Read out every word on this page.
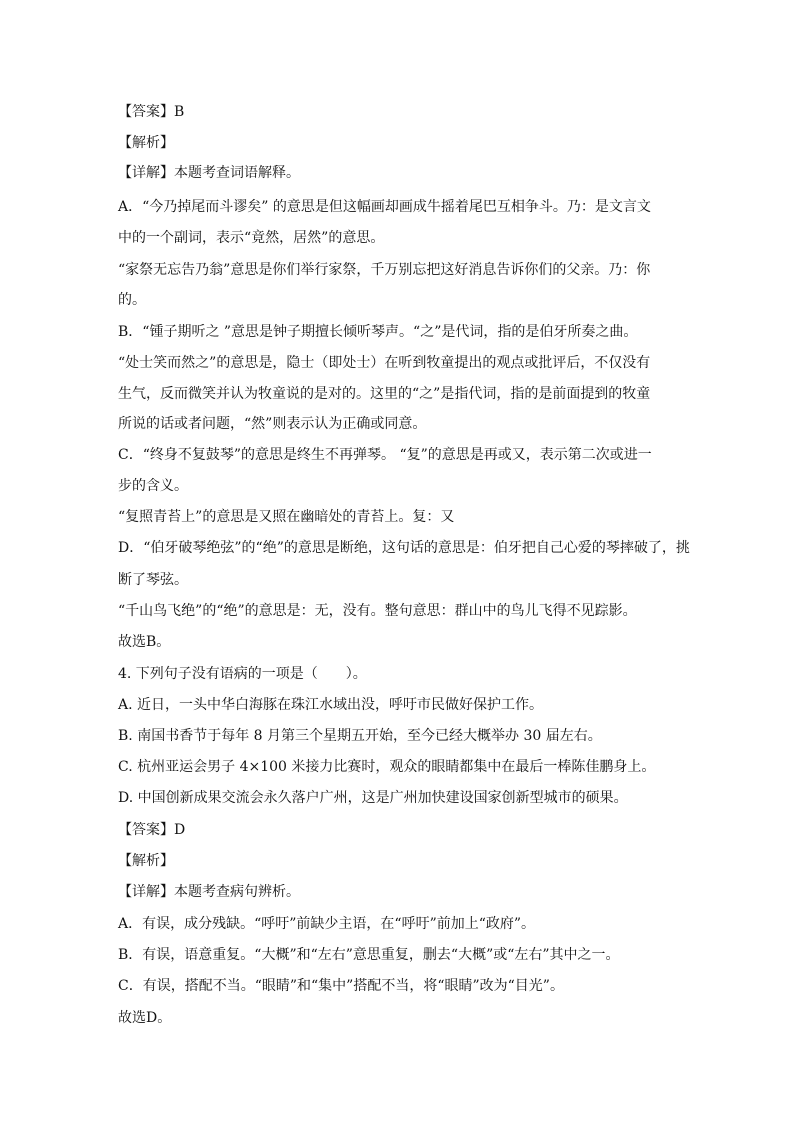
【答案】B
【解析】
【详解】本题考查词语解释。
A．“今乃掉尾而斗谬矣” 的意思是但这幅画却画成牛摇着尾巴互相争斗。乃：是文言文
中的一个副词，表示“竟然，居然”的意思。
“家祭无忘告乃翁”意思是你们举行家祭，千万别忘把这好消息告诉你们的父亲。乃：你
的。
B．“锺子期听之 ”意思是钟子期擅长倾听琴声。“之”是代词，指的是伯牙所奏之曲。
“处士笑而然之”的意思是，隐士（即处士）在听到牧童提出的观点或批评后，不仅没有
生气，反而微笑并认为牧童说的是对的。这里的“之”是指代词，指的是前面提到的牧童
所说的话或者问题，“然”则表示认为正确或同意。
C．“终身不复鼓琴”的意思是终生不再弹琴。 “复”的意思是再或又，表示第二次或进一
步的含义。
“复照青苔上”的意思是又照在幽暗处的青苔上。复：又
D．“伯牙破琴绝弦”的“绝”的意思是断绝，这句话的意思是：伯牙把自己心爱的琴摔破了，挑
断了琴弦。
“千山鸟飞绝”的“绝”的意思是：无，没有。整句意思：群山中的鸟儿飞得不见踪影。
故选B。
4. 下列句子没有语病的一项是（　　）。
A. 近日，一头中华白海豚在珠江水域出没，呼吁市民做好保护工作。
B. 南国书香节于每年 8 月第三个星期五开始，至今已经大概举办 30 届左右。
C. 杭州亚运会男子 4×100 米接力比赛时，观众的眼睛都集中在最后一棒陈佳鹏身上。
D. 中国创新成果交流会永久落户广州，这是广州加快建设国家创新型城市的硕果。
【答案】D
【解析】
【详解】本题考查病句辨析。
A．有误，成分残缺。“呼吁”前缺少主语，在“呼吁”前加上“政府”。
B．有误，语意重复。“大概”和“左右”意思重复，删去“大概”或“左右”其中之一。
C．有误，搭配不当。“眼睛”和“集中”搭配不当，将“眼睛”改为“目光”。
故选D。
